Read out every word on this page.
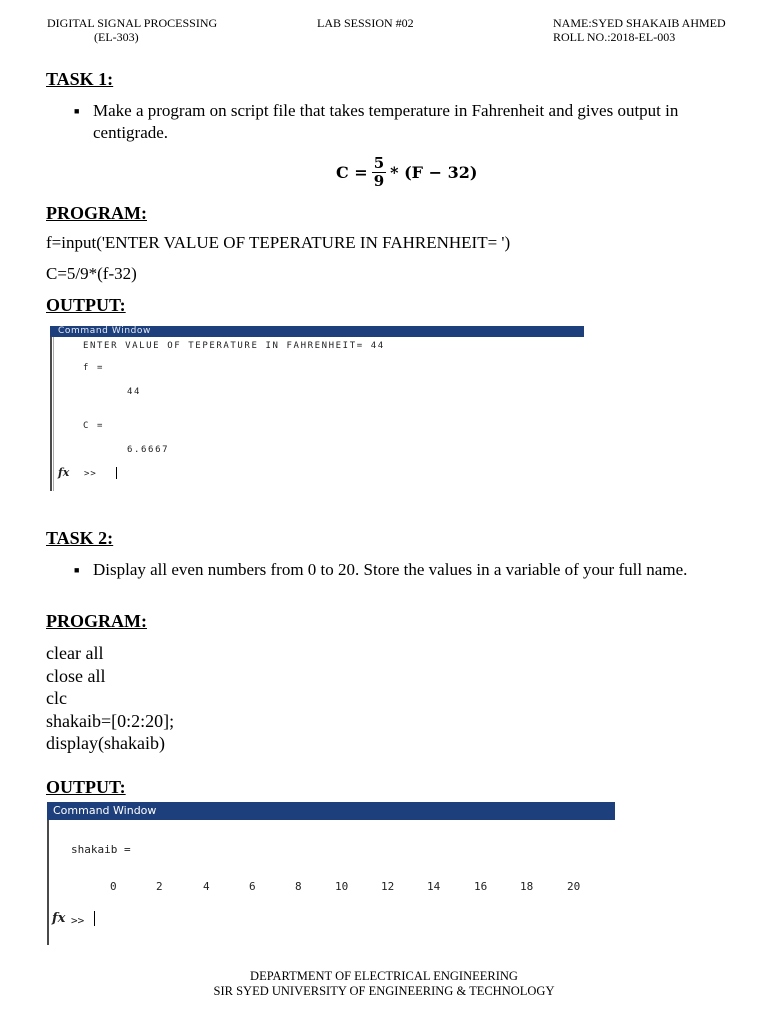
DIGITAL SIGNAL PROCESSING
(EL-303)
LAB SESSION #02	NAME:SYED SHAKAIB AHMED
ROLL NO.:2018-EL-003
TASK 1:
■ Make a program on script file that takes temperature in Fahrenheit and gives output in centigrade.
$C = \frac{5}{9} * (F - 32)$
PROGRAM:
f=input('ENTER VALUE OF TEPERATURE IN FAHRENHEIT= ')
C=5/9*(f-32)
OUTPUT:
Command Window
ENTER VALUE OF TEPERATURE IN FAHRENHEIT= 44
f =
44
C =
6.6667
fx >>
TASK 2:
■ Display all even numbers from 0 to 20. Store the values in a variable of your full name.
PROGRAM:
clear all
close all
clc
shakaib=[0:2:20];
display(shakaib)
OUTPUT:
Command Window
shakaib =
0	2	4	6	8	10	12	14	16	18	20
fx >>
DEPARTMENT OF ELECTRICAL ENGINEERING
SIR SYED UNIVERSITY OF ENGINEERING & TECHNOLOGY
